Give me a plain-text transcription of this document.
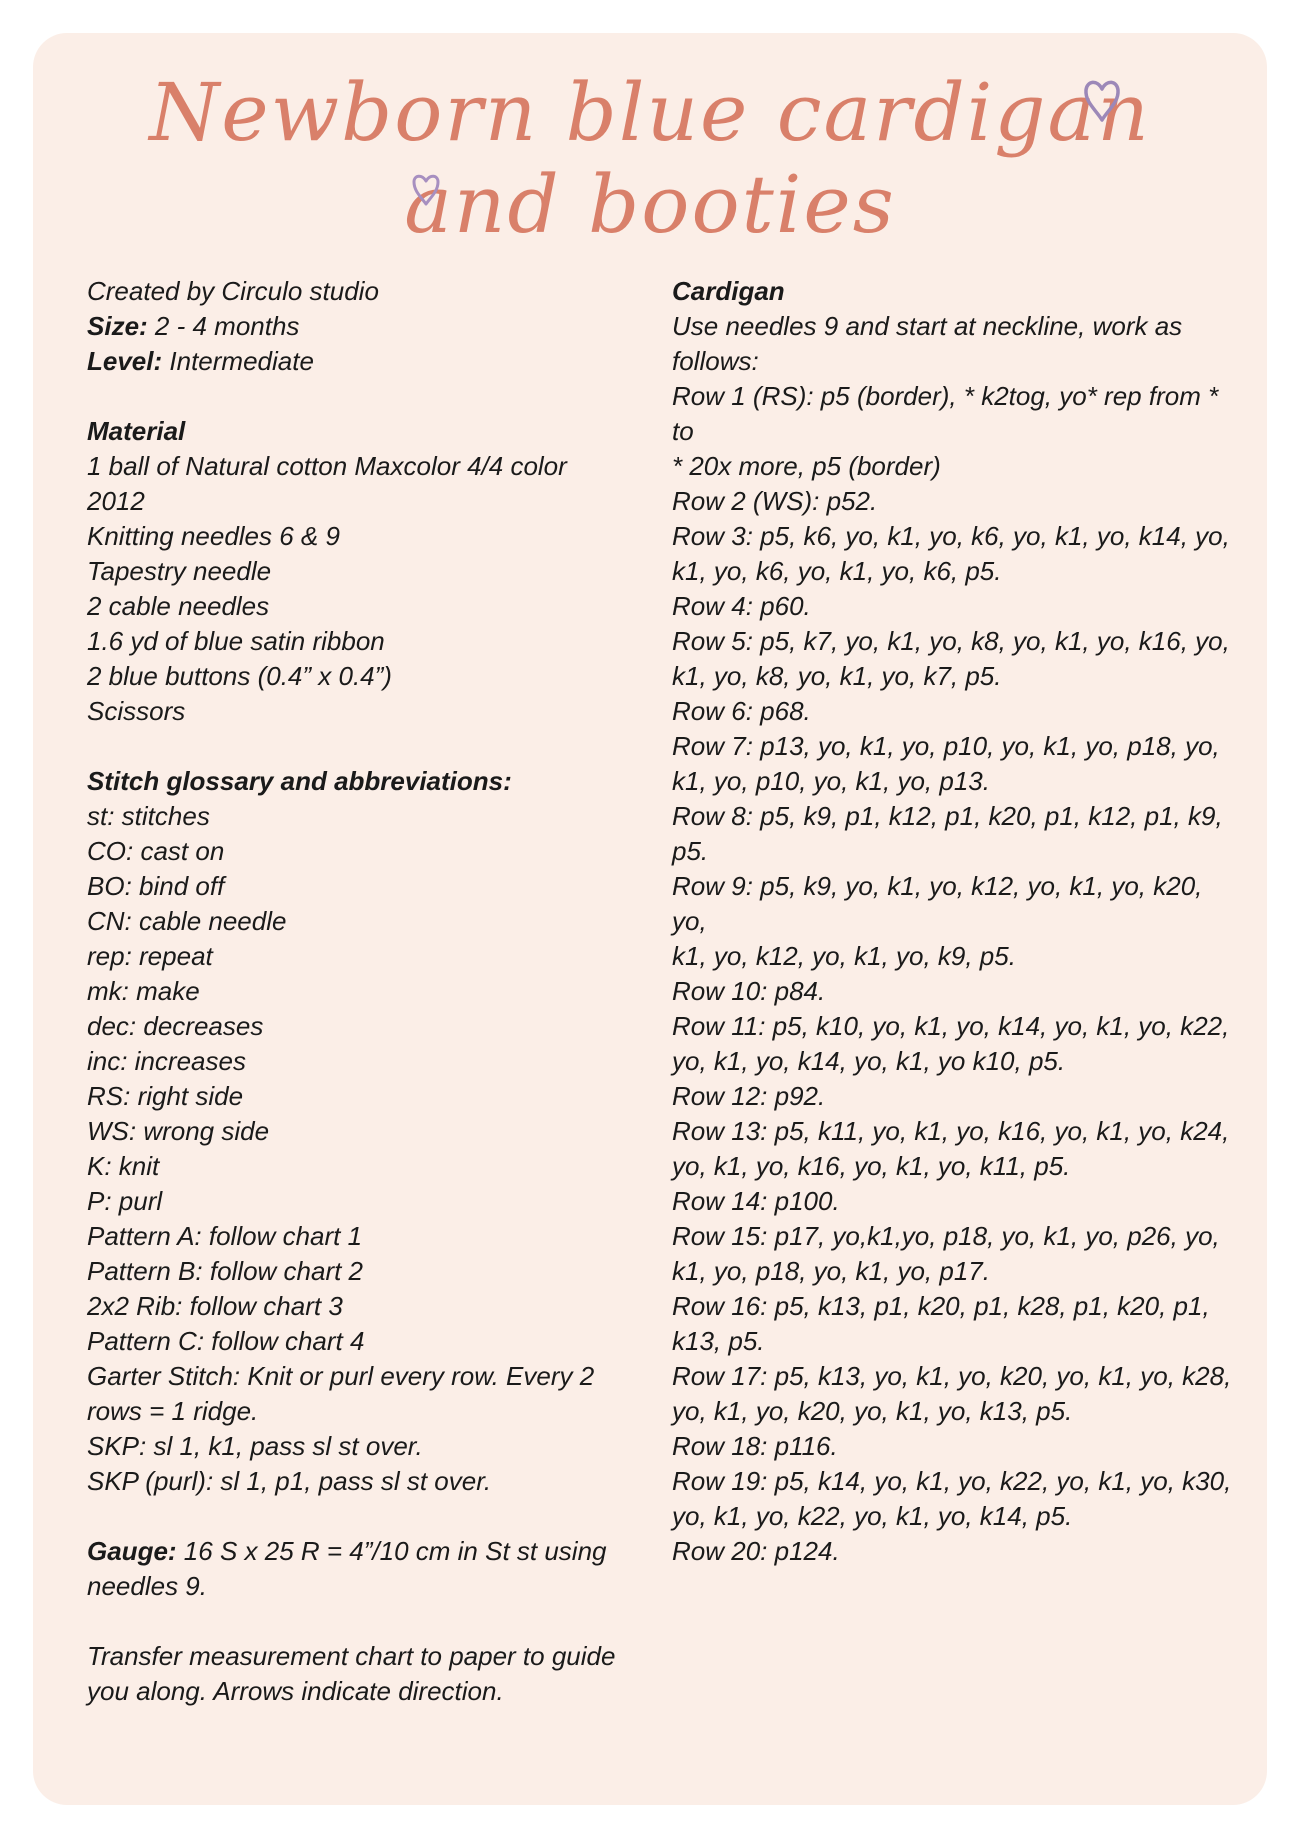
Newborn blue cardigan
and booties
Created by Circulo studio
Size: 2 - 4 months
Level: Intermediate
Material
1 ball of Natural cotton Maxcolor 4/4 color
2012
Knitting needles 6 & 9
Tapestry needle
2 cable needles
1.6 yd of blue satin ribbon
2 blue buttons (0.4” x 0.4”)
Scissors
Stitch glossary and abbreviations:
st: stitches
CO: cast on
BO: bind off
CN: cable needle
rep: repeat
mk: make
dec: decreases
inc: increases
RS: right side
WS: wrong side
K: knit
P: purl
Pattern A: follow chart 1
Pattern B: follow chart 2
2x2 Rib: follow chart 3
Pattern C: follow chart 4
Garter Stitch: Knit or purl every row. Every 2
rows = 1 ridge.
SKP: sl 1, k1, pass sl st over.
SKP (purl): sl 1, p1, pass sl st over.
Gauge: 16 S x 25 R = 4”/10 cm in St st using
needles 9.
Transfer measurement chart to paper to guide
you along. Arrows indicate direction.
Cardigan
Use needles 9 and start at neckline, work as
follows:
Row 1 (RS): p5 (border), * k2tog, yo* rep from * to
* 20x more, p5 (border)
Row 2 (WS): p52.
Row 3: p5, k6, yo, k1, yo, k6, yo, k1, yo, k14, yo,
k1, yo, k6, yo, k1, yo, k6, p5.
Row 4: p60.
Row 5: p5, k7, yo, k1, yo, k8, yo, k1, yo, k16, yo,
k1, yo, k8, yo, k1, yo, k7, p5.
Row 6: p68.
Row 7: p13, yo, k1, yo, p10, yo, k1, yo, p18, yo,
k1, yo, p10, yo, k1, yo, p13.
Row 8: p5, k9, p1, k12, p1, k20, p1, k12, p1, k9,
p5.
Row 9: p5, k9, yo, k1, yo, k12, yo, k1, yo, k20, yo,
k1, yo, k12, yo, k1, yo, k9, p5.
Row 10: p84.
Row 11: p5, k10, yo, k1, yo, k14, yo, k1, yo, k22,
yo, k1, yo, k14, yo, k1, yo k10, p5.
Row 12: p92.
Row 13: p5, k11, yo, k1, yo, k16, yo, k1, yo, k24,
yo, k1, yo, k16, yo, k1, yo, k11, p5.
Row 14: p100.
Row 15: p17, yo,k1,yo, p18, yo, k1, yo, p26, yo,
k1, yo, p18, yo, k1, yo, p17.
Row 16: p5, k13, p1, k20, p1, k28, p1, k20, p1,
k13, p5.
Row 17: p5, k13, yo, k1, yo, k20, yo, k1, yo, k28,
yo, k1, yo, k20, yo, k1, yo, k13, p5.
Row 18: p116.
Row 19: p5, k14, yo, k1, yo, k22, yo, k1, yo, k30,
yo, k1, yo, k22, yo, k1, yo, k14, p5.
Row 20: p124.
